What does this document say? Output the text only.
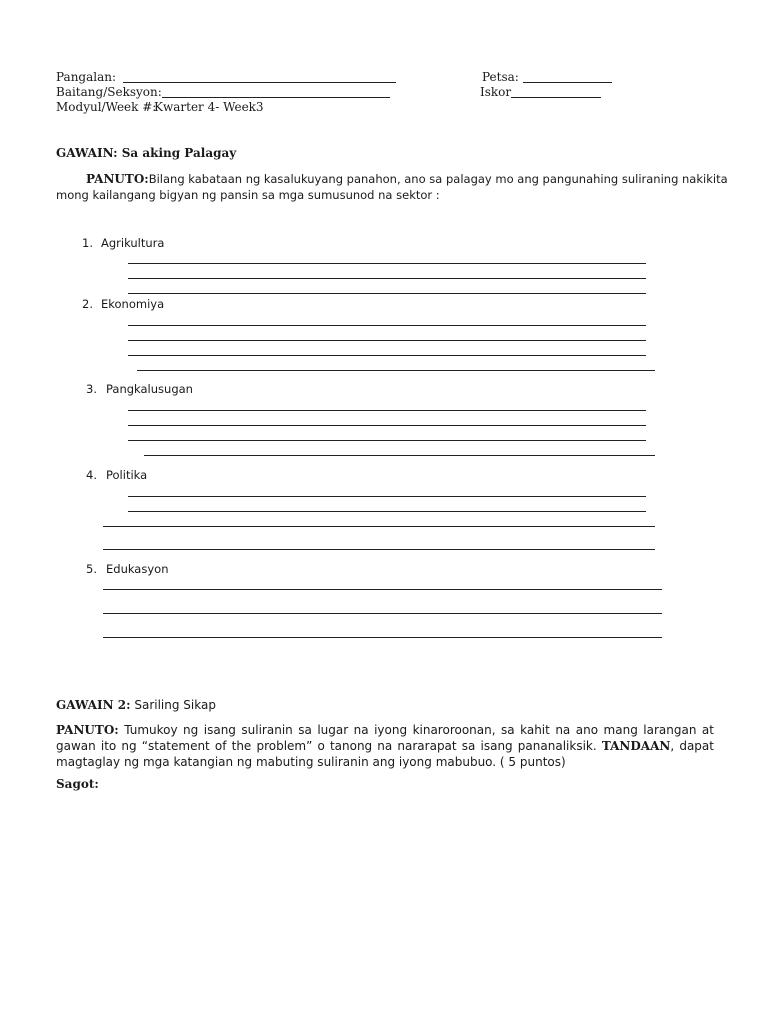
Pangalan:	Petsa:
Baitang/Seksyon:	Iskor
Modyul/Week #:
Kwarter 4- Week3
GAWAIN: Sa aking Palagay
PANUTO:Bilang kabataan ng kasalukuyang panahon, ano sa palagay mo ang pangunahing suliraning nakikita
mong kailangang bigyan ng pansin sa mga sumusunod na sektor :
1. Agrikultura
2. Ekonomiya
3. Pangkalusugan
4. Politika
5. Edukasyon
GAWAIN 2: Sariling Sikap
PANUTO: Tumukoy ng isang suliranin sa lugar na iyong kinaroroonan, sa kahit na ano mang larangan at
gawan ito ng “statement of the problem” o tanong na nararapat sa isang pananaliksik. TANDAAN, dapat
magtaglay ng mga katangian ng mabuting suliranin ang iyong mabubuo. ( 5 puntos)
Sagot:
